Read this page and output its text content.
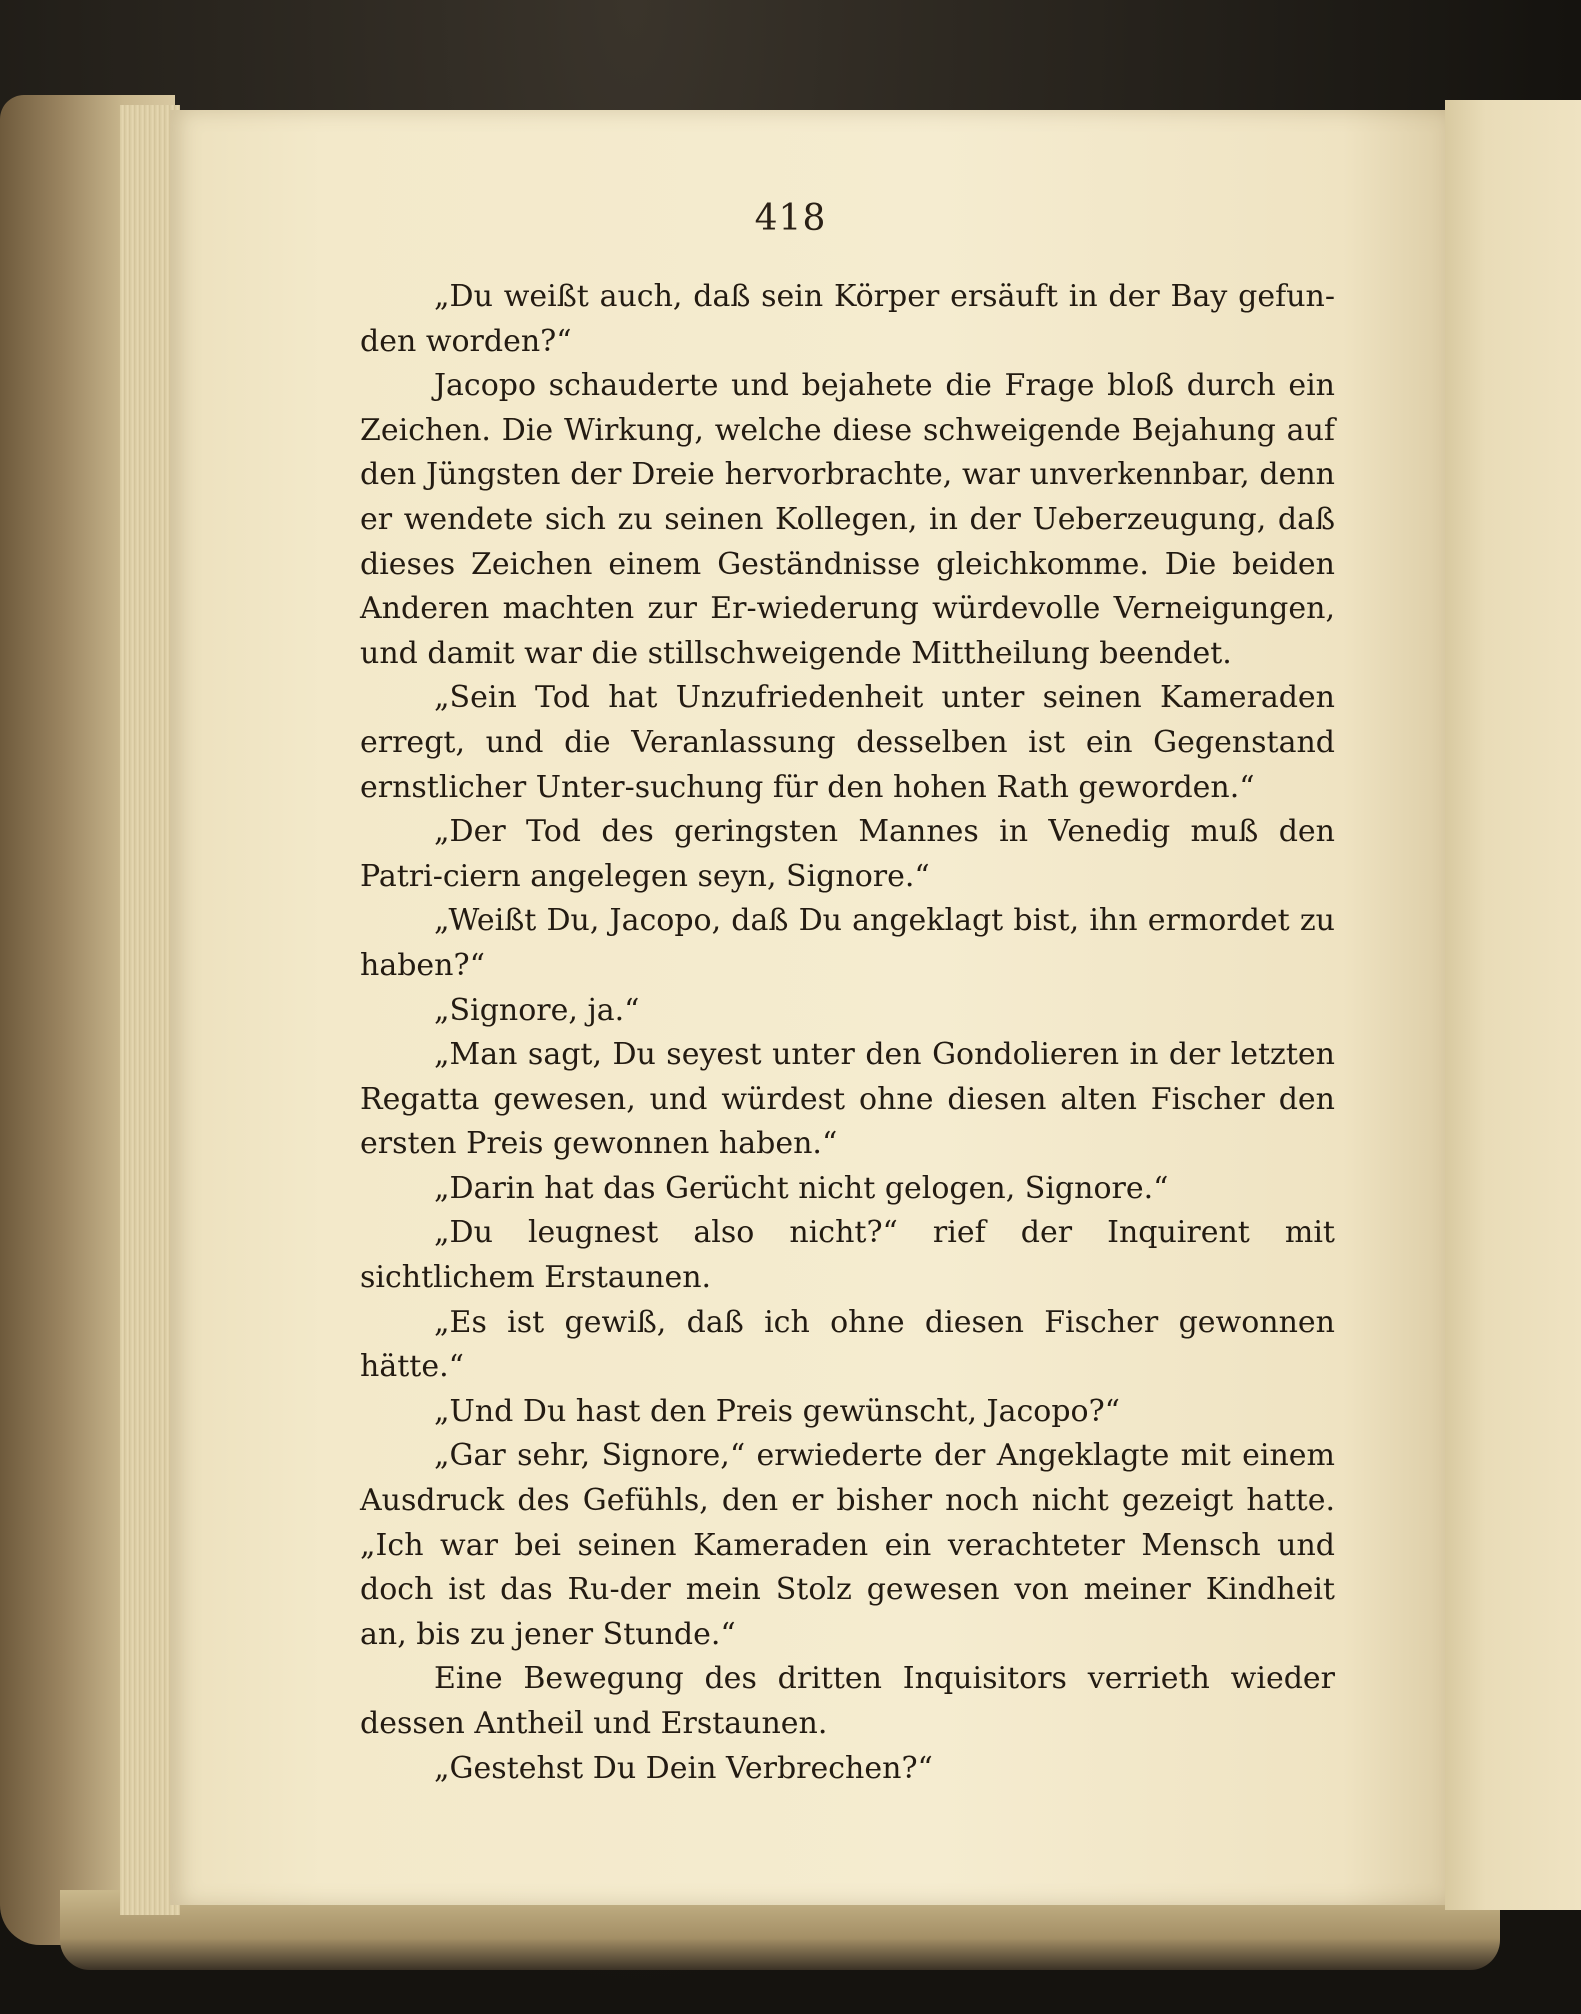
418

„Du weißt auch, daß sein Körper ersäuft in der Bay gefun-den worden?“

Jacopo schauderte und bejahete die Frage bloß durch ein Zeichen. Die Wirkung, welche diese schweigende Bejahung auf den Jüngsten der Dreie hervorbrachte, war unverkennbar, denn er wendete sich zu seinen Kollegen, in der Ueberzeugung, daß dieses Zeichen einem Geständnisse gleichkomme. Die beiden Anderen machten zur Er-wiederung würdevolle Verneigungen, und damit war die stillschweigende Mittheilung beendet.

„Sein Tod hat Unzufriedenheit unter seinen Kameraden erregt, und die Veranlassung desselben ist ein Gegenstand ernstlicher Unter-suchung für den hohen Rath geworden.“

„Der Tod des geringsten Mannes in Venedig muß den Patri-ciern angelegen seyn, Signore.“

„Weißt Du, Jacopo, daß Du angeklagt bist, ihn ermordet zu haben?“

„Signore, ja.“

„Man sagt, Du seyest unter den Gondolieren in der letzten Regatta gewesen, und würdest ohne diesen alten Fischer den ersten Preis gewonnen haben.“

„Darin hat das Gerücht nicht gelogen, Signore.“

„Du leugnest also nicht?“ rief der Inquirent mit sichtlichem Erstaunen.

„Es ist gewiß, daß ich ohne diesen Fischer gewonnen hätte.“

„Und Du hast den Preis gewünscht, Jacopo?“

„Gar sehr, Signore,“ erwiederte der Angeklagte mit einem Ausdruck des Gefühls, den er bisher noch nicht gezeigt hatte. „Ich war bei seinen Kameraden ein verachteter Mensch und doch ist das Ru-der mein Stolz gewesen von meiner Kindheit an, bis zu jener Stunde.“

Eine Bewegung des dritten Inquisitors verrieth wieder dessen Antheil und Erstaunen.

„Gestehst Du Dein Verbrechen?“
